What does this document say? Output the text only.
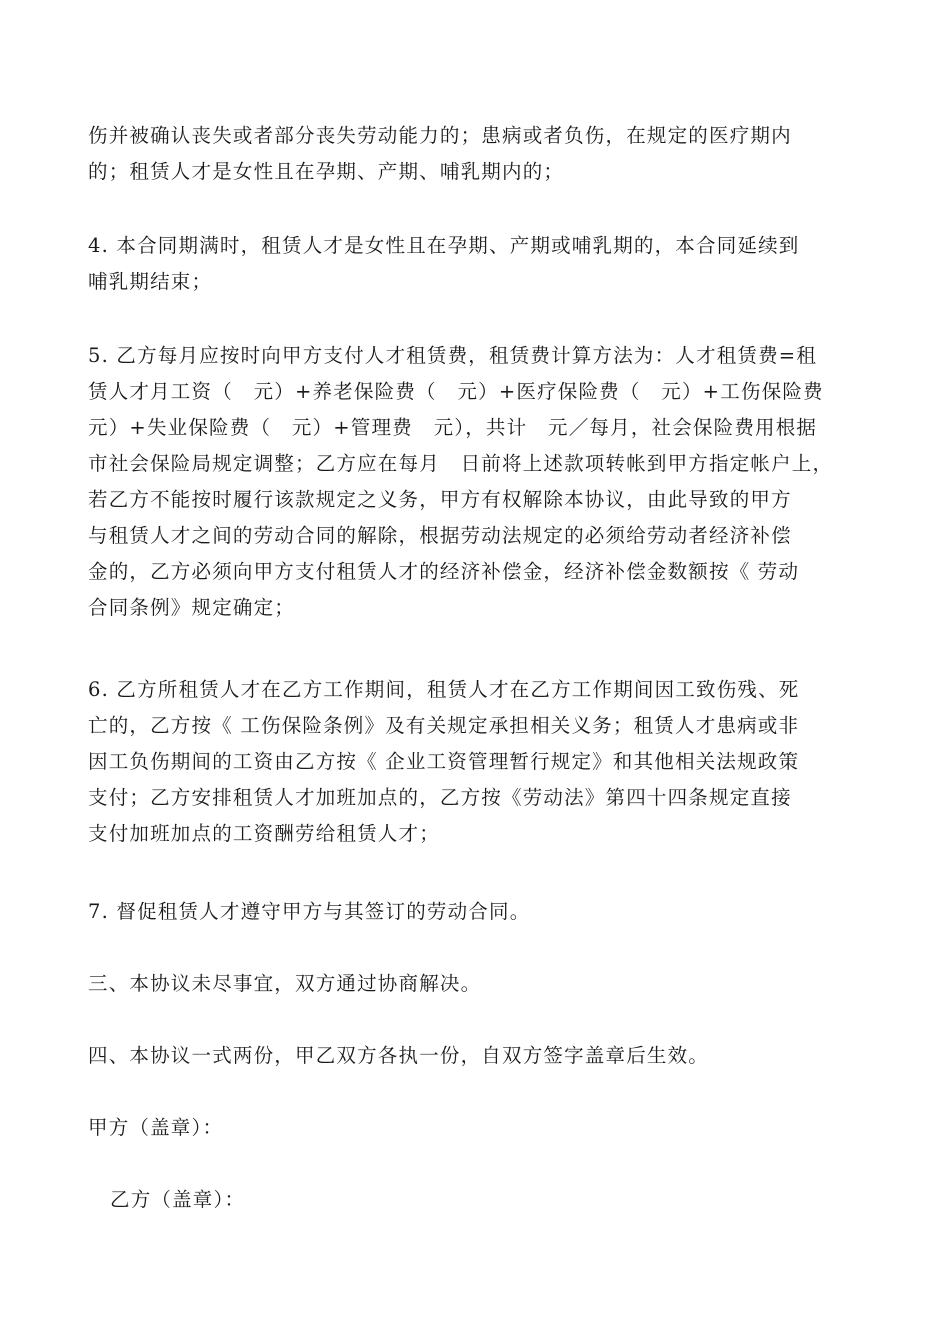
伤并被确认丧失或者部分丧失劳动能力的；患病或者负伤，在规定的医疗期内
的；租赁人才是女性且在孕期、产期、哺乳期内的；
4. 本合同期满时，租赁人才是女性且在孕期、产期或哺乳期的，本合同延续到
哺乳期结束；
5. 乙方每月应按时向甲方支付人才租赁费，租赁费计算方法为：人才租赁费=租
赁人才月工资（　元）+养老保险费（　元）+医疗保险费（　元）+工伤保险费
元）+失业保险费（　元）+管理费　元），共计　元／每月，社会保险费用根据
市社会保险局规定调整；乙方应在每月　日前将上述款项转帐到甲方指定帐户上，
若乙方不能按时履行该款规定之义务，甲方有权解除本协议，由此导致的甲方
与租赁人才之间的劳动合同的解除，根据劳动法规定的必须给劳动者经济补偿
金的，乙方必须向甲方支付租赁人才的经济补偿金，经济补偿金数额按《 劳动
合同条例》规定确定；
6. 乙方所租赁人才在乙方工作期间，租赁人才在乙方工作期间因工致伤残、死
亡的，乙方按《 工伤保险条例》及有关规定承担相关义务；租赁人才患病或非
因工负伤期间的工资由乙方按《 企业工资管理暂行规定》和其他相关法规政策
支付；乙方安排租赁人才加班加点的，乙方按《劳动法》第四十四条规定直接
支付加班加点的工资酬劳给租赁人才；
7. 督促租赁人才遵守甲方与其签订的劳动合同。
三、本协议未尽事宜，双方通过协商解决。
四、本协议一式两份，甲乙双方各执一份，自双方签字盖章后生效。
甲方（盖章）：
乙方（盖章）：
